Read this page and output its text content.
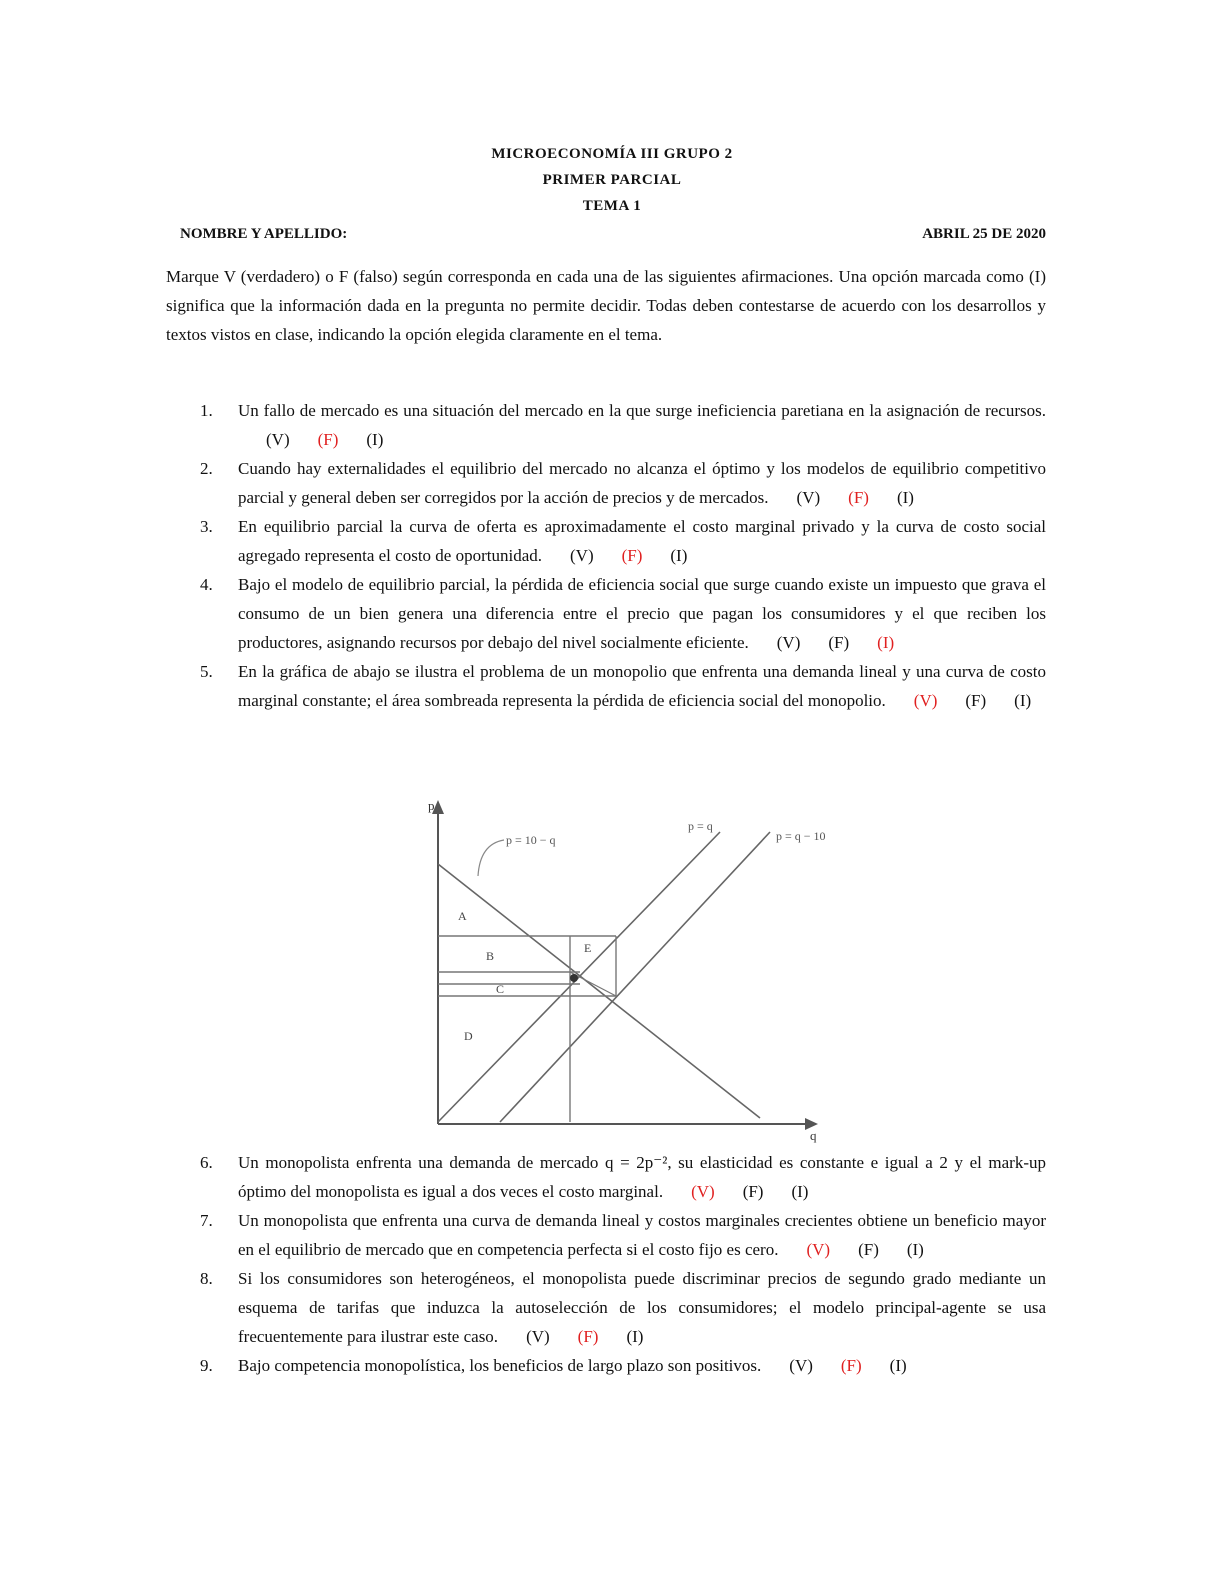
MICROECONOMÍA III GRUPO 2
PRIMER PARCIAL
TEMA 1
NOMBRE Y APELLIDO:	ABRIL 25 DE 2020
Marque V (verdadero) o F (falso) según corresponda en cada una de las siguientes afirmaciones. Una opción marcada como (I) significa que la información dada en la pregunta no permite decidir. Todas deben contestarse de acuerdo con los desarrollos y textos vistos en clase, indicando la opción elegida claramente en el tema.
1.	Un fallo de mercado es una situación del mercado en la que surge ineficiencia paretiana en la asignación de recursos.(V) (F) (I)
2.	Cuando hay externalidades el equilibrio del mercado no alcanza el óptimo y los modelos de equilibrio competitivo parcial y general deben ser corregidos por la acción de precios y de mercados. (V) (F) (I)
3.	En equilibrio parcial la curva de oferta es aproximadamente el costo marginal privado y la curva de costo social agregado representa el costo de oportunidad. (V) (F) (I)
4.	Bajo el modelo de equilibrio parcial, la pérdida de eficiencia social que surge cuando existe un impuesto que grava el consumo de un bien genera una diferencia entre el precio que pagan los consumidores y el que reciben los productores, asignando recursos por debajo del nivel socialmente eficiente. (V) (F) (I)
5.	En la gráfica de abajo se ilustra el problema de un monopolio que enfrenta una demanda lineal y una curva de costo marginal constante; el área sombreada representa la pérdida de eficiencia social del monopolio. (V) (F) (I)
p
q
A
B
C
D
E
p = 10 − q
p = q
p = q − 10
6.	Un monopolista enfrenta una demanda de mercado q = 2p⁻², su elasticidad es constante e igual a 2 y el mark-up óptimo del monopolista es igual a dos veces el costo marginal. (V) (F) (I)
7.	Un monopolista que enfrenta una curva de demanda lineal y costos marginales crecientes obtiene un beneficio mayor en el equilibrio de mercado que en competencia perfecta si el costo fijo es cero. (V) (F) (I)
8.	Si los consumidores son heterogéneos, el monopolista puede discriminar precios de segundo grado mediante un esquema de tarifas que induzca la autoselección de los consumidores; el modelo principal-agente se usa frecuentemente para ilustrar este caso. (V) (F) (I)
9.	Bajo competencia monopolística, los beneficios de largo plazo son positivos. (V) (F) (I)
